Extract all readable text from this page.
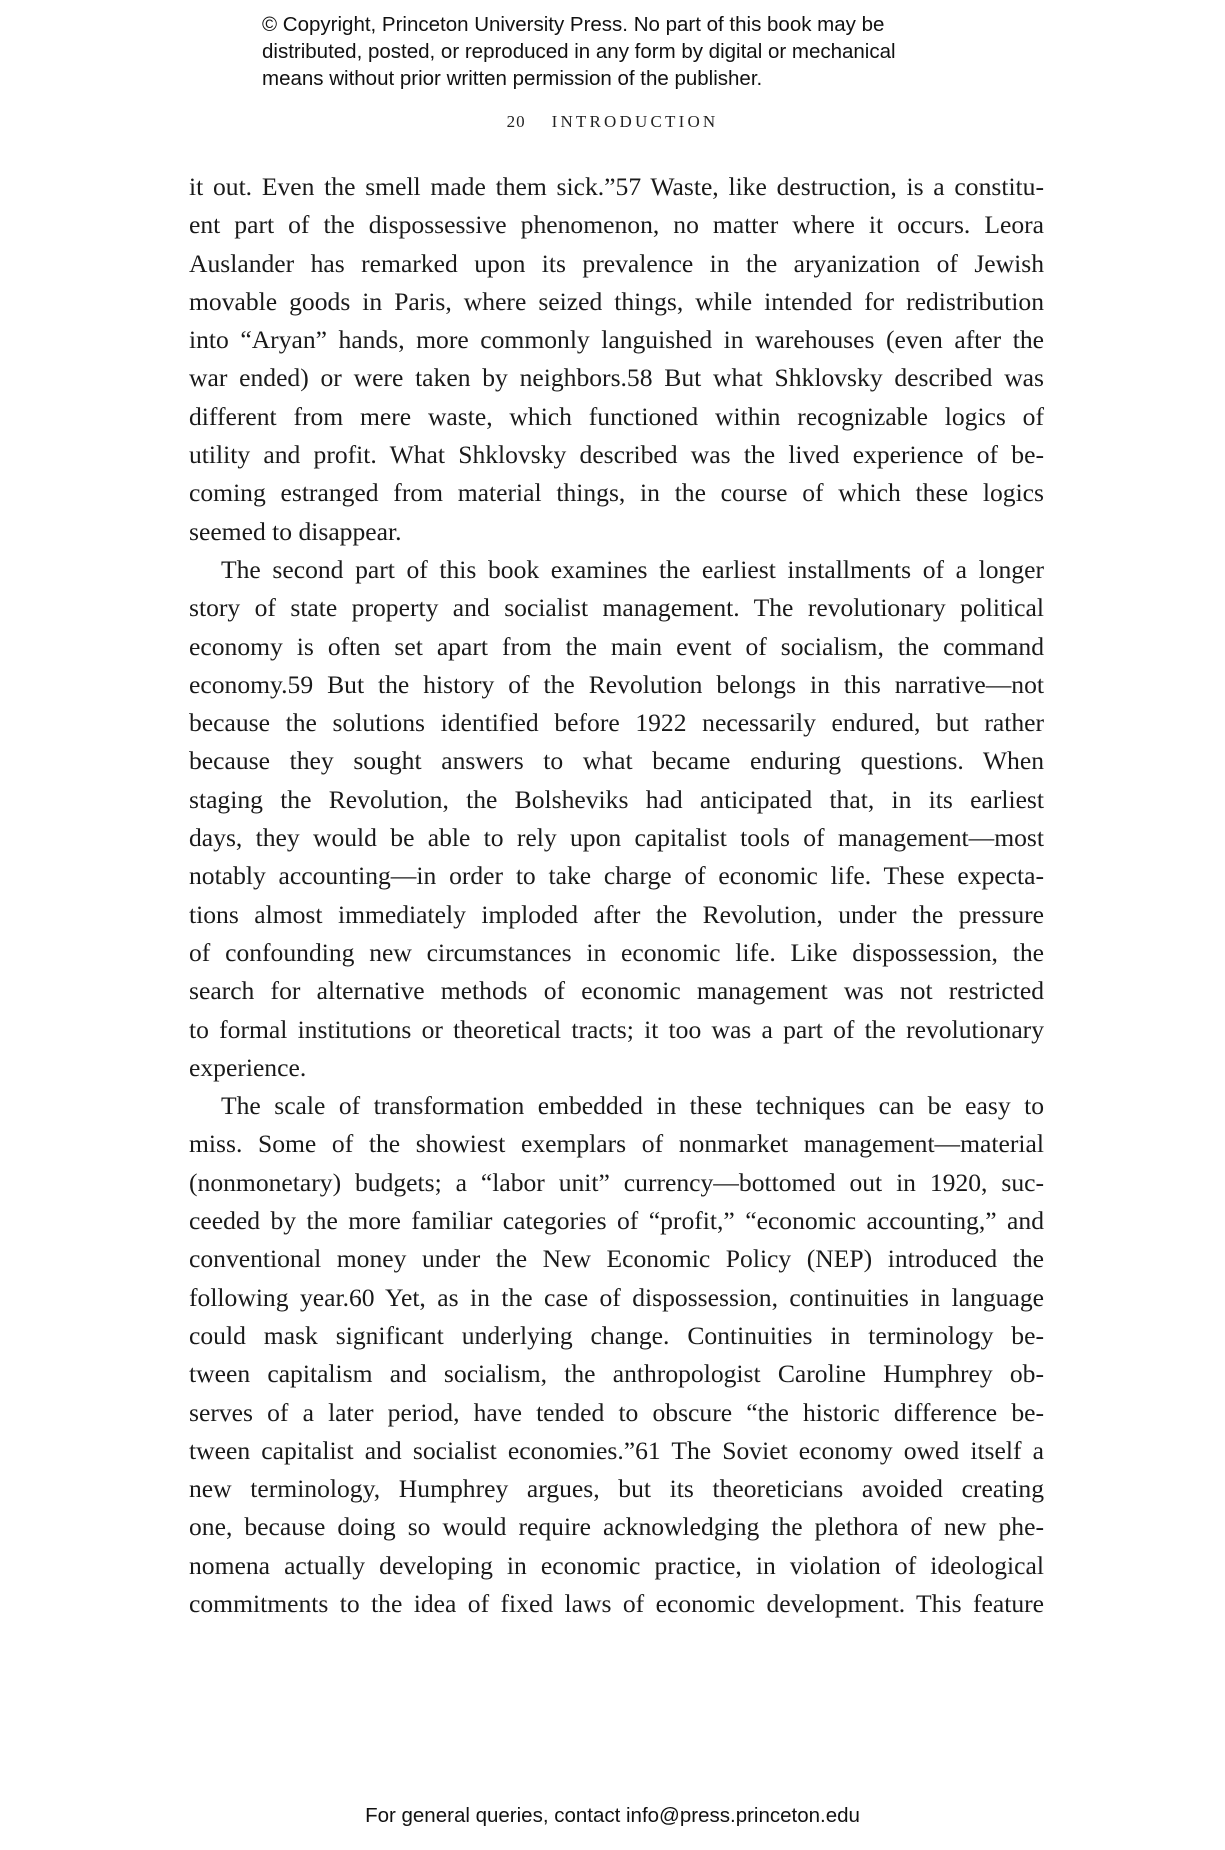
© Copyright, Princeton University Press. No part of this book may be
distributed, posted, or reproduced in any form by digital or mechanical
means without prior written permission of the publisher.
20 INTRODUCTION
it out. Even the smell made them sick.”57 Waste, like destruction, is a constitu-
ent part of the dispossessive phenomenon, no matter where it occurs. Leora
Auslander has remarked upon its prevalence in the aryanization of Jewish
movable goods in Paris, where seized things, while intended for redistribution
into “Aryan” hands, more commonly languished in warehouses (even after the
war ended) or were taken by neighbors.58 But what Shklovsky described was
different from mere waste, which functioned within recognizable logics of
utility and profit. What Shklovsky described was the lived experience of be-
coming estranged from material things, in the course of which these logics
seemed to disappear.
The second part of this book examines the earliest installments of a longer
story of state property and socialist management. The revolutionary political
economy is often set apart from the main event of socialism, the command
economy.59 But the history of the Revolution belongs in this narrative—not
because the solutions identified before 1922 necessarily endured, but rather
because they sought answers to what became enduring questions. When
staging the Revolution, the Bolsheviks had anticipated that, in its earliest
days, they would be able to rely upon capitalist tools of management—most
notably accounting—in order to take charge of economic life. These expecta-
tions almost immediately imploded after the Revolution, under the pressure
of confounding new circumstances in economic life. Like dispossession, the
search for alternative methods of economic management was not restricted
to formal institutions or theoretical tracts; it too was a part of the revolutionary
experience.
The scale of transformation embedded in these techniques can be easy to
miss. Some of the showiest exemplars of nonmarket management—material
(nonmonetary) budgets; a “labor unit” currency—bottomed out in 1920, suc-
ceeded by the more familiar categories of “profit,” “economic accounting,” and
conventional money under the New Economic Policy (NEP) introduced the
following year.60 Yet, as in the case of dispossession, continuities in language
could mask significant underlying change. Continuities in terminology be-
tween capitalism and socialism, the anthropologist Caroline Humphrey ob-
serves of a later period, have tended to obscure “the historic difference be-
tween capitalist and socialist economies.”61 The Soviet economy owed itself a
new terminology, Humphrey argues, but its theoreticians avoided creating
one, because doing so would require acknowledging the plethora of new phe-
nomena actually developing in economic practice, in violation of ideological
commitments to the idea of fixed laws of economic development. This feature
For general queries, contact info@press.princeton.edu
